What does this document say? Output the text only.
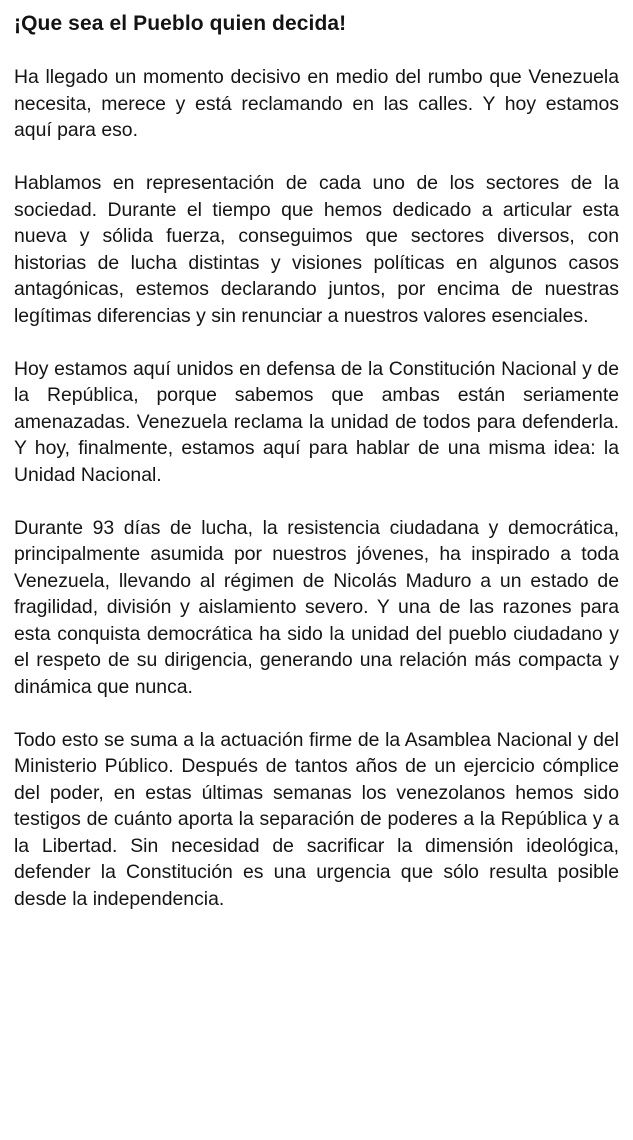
¡Que sea el Pueblo quien decida!

Ha llegado un momento decisivo en medio del rumbo que Venezuela necesita, merece y está reclamando en las calles. Y hoy estamos aquí para eso.

Hablamos en representación de cada uno de los sectores de la sociedad. Durante el tiempo que hemos dedicado a articular esta nueva y sólida fuerza, conseguimos que sectores diversos, con historias de lucha distintas y visiones políticas en algunos casos antagónicas, estemos declarando juntos, por encima de nuestras legítimas diferencias y sin renunciar a nuestros valores esenciales.

Hoy estamos aquí unidos en defensa de la Constitución Nacional y de la República, porque sabemos que ambas están seriamente amenazadas. Venezuela reclama la unidad de todos para defenderla. Y hoy, finalmente, estamos aquí para hablar de una misma idea: la Unidad Nacional.

Durante 93 días de lucha, la resistencia ciudadana y democrática, principalmente asumida por nuestros jóvenes, ha inspirado a toda Venezuela, llevando al régimen de Nicolás Maduro a un estado de fragilidad, división y aislamiento severo. Y una de las razones para esta conquista democrática ha sido la unidad del pueblo ciudadano y el respeto de su dirigencia, generando una relación más compacta y dinámica que nunca.

Todo esto se suma a la actuación firme de la Asamblea Nacional y del Ministerio Público. Después de tantos años de un ejercicio cómplice del poder, en estas últimas semanas los venezolanos hemos sido testigos de cuánto aporta la separación de poderes a la República y a la Libertad. Sin necesidad de sacrificar la dimensión ideológica, defender la Constitución es una urgencia que sólo resulta posible desde la independencia.
